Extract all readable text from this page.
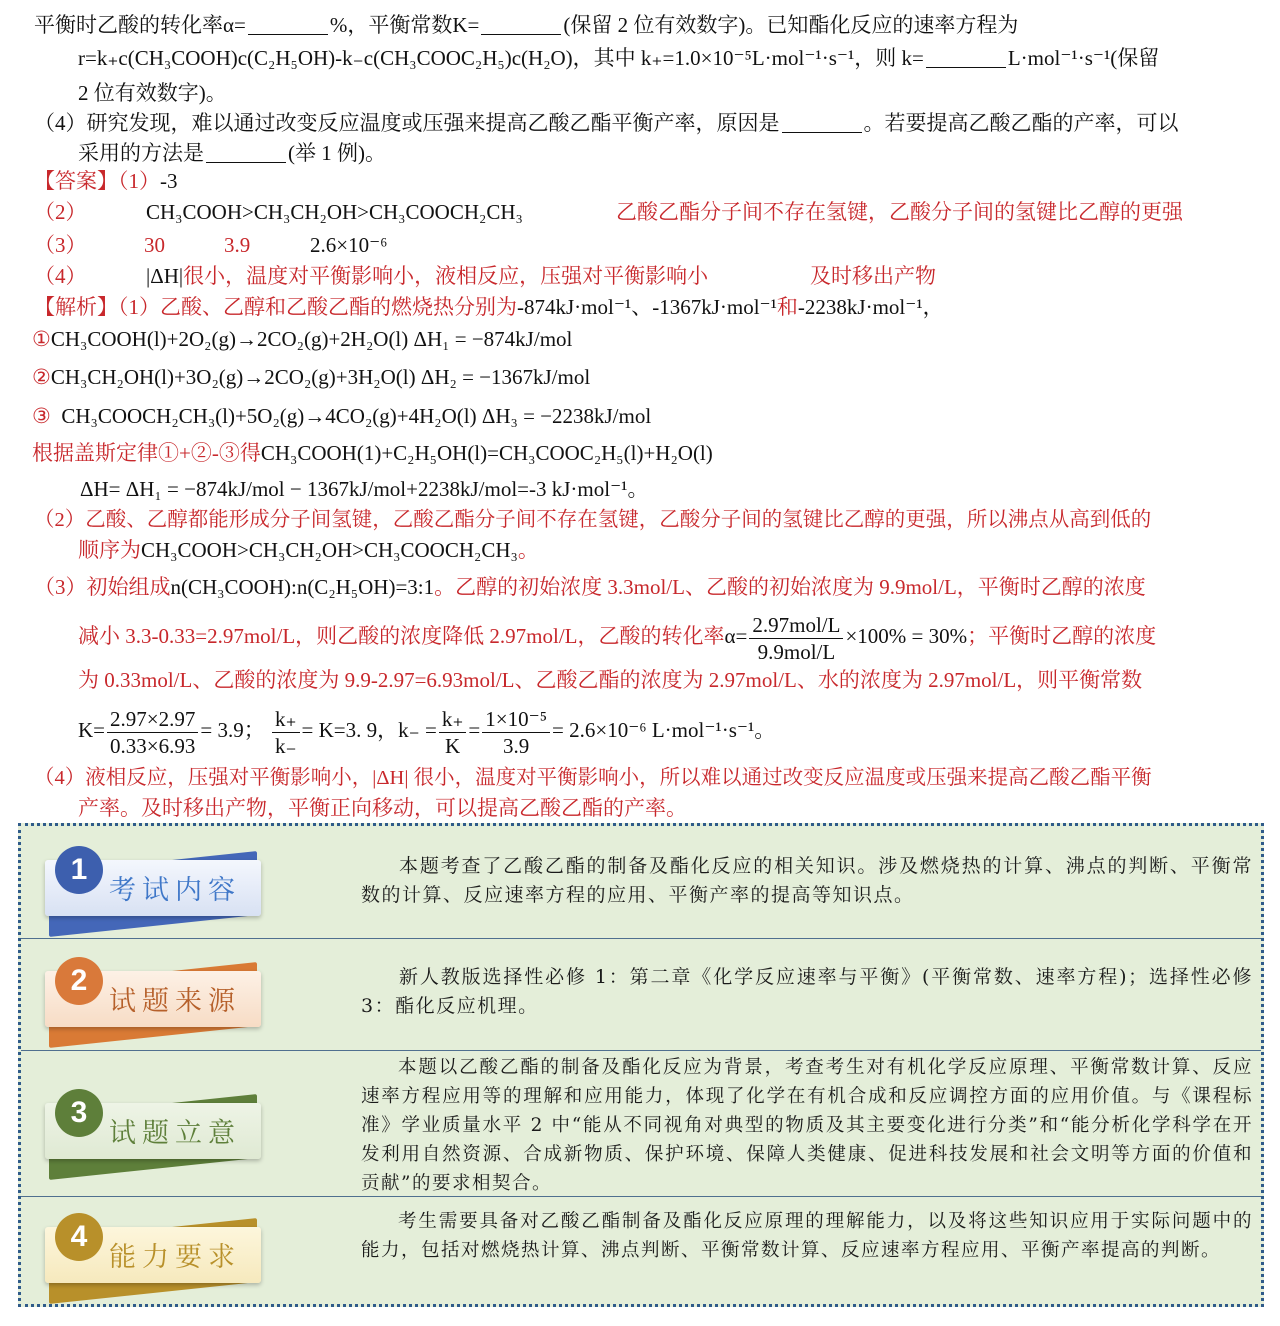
平衡时乙酸的转化率α=	%，平衡常数K=	(保留 2 位有效数字)。已知酯化反应的速率方程为
r=k₊c(CH₃COOH)c(C₂H₅OH)-k₋c(CH₃COOC₂H₅)c(H₂O)，其中 k₊=1.0×10⁻⁵L·mol⁻¹·s⁻¹，则 k=	L·mol⁻¹·s⁻¹(保留
2 位有效数字)。
（4）研究发现，难以通过改变反应温度或压强来提高乙酸乙酯平衡产率，原因是	。若要提高乙酸乙酯的产率，可以
采用的方法是	(举 1 例)。
【答案】（1）-3
（2）	CH₃COOH>CH₃CH₂OH>CH₃COOCH₂CH₃	乙酸乙酯分子间不存在氢键，乙酸分子间的氢键比乙醇的更强
（3）	30	3.9	2.6×10⁻⁶
（4）	|ΔH|很小，温度对平衡影响小，液相反应，压强对平衡影响小	及时移出产物
【解析】（1）乙酸、乙醇和乙酸乙酯的燃烧热分别为-874kJ·mol⁻¹、-1367kJ·mol⁻¹和-2238kJ·mol⁻¹，
①CH₃COOH(l)+2O₂(g)→2CO₂(g)+2H₂O(l) ΔH₁ = −874kJ/mol
②CH₃CH₂OH(l)+3O₂(g)→2CO₂(g)+3H₂O(l) ΔH₂ = −1367kJ/mol
③ CH₃COOCH₂CH₃(l)+5O₂(g)→4CO₂(g)+4H₂O(l) ΔH₃ = −2238kJ/mol
根据盖斯定律①+②-③得CH₃COOH(1)+C₂H₅OH(l)=CH₃COOC₂H₅(l)+H₂O(l)
ΔH= ΔH₁ = −874kJ/mol − 1367kJ/mol+2238kJ/mol=-3 kJ·mol⁻¹。
（2）乙酸、乙醇都能形成分子间氢键，乙酸乙酯分子间不存在氢键，乙酸分子间的氢键比乙醇的更强，所以沸点从高到低的
顺序为CH₃COOH>CH₃CH₂OH>CH₃COOCH₂CH₃。
（3）初始组成n(CH₃COOH):n(C₂H₅OH)=3:1。乙醇的初始浓度 3.3mol/L、乙酸的初始浓度为 9.9mol/L，平衡时乙醇的浓度
减小 3.3-0.33=2.97mol/L，则乙酸的浓度降低 2.97mol/L，乙酸的转化率$\alpha= \frac{\text{2.97mol/L}}{\text{9.9mol/L}} \times 100\% = 30\%$；平衡时乙醇的浓度
为 0.33mol/L、乙酸的浓度为 9.9-2.97=6.93mol/L、乙酸乙酯的浓度为 2.97mol/L、水的浓度为 2.97mol/L，则平衡常数
$K= \frac{2.97\times 2.97}{0.33\times 6.93} = 3.9$； $\frac{k_+}{k_-} = K=3$. 9，$k_- = \frac{k_+}{K} = \frac{\text{1×10⁻⁵}}{3.9} = 2.6\times 10^{-6}$ L·mol⁻¹·s⁻¹。
（4）液相反应，压强对平衡影响小，|ΔH| 很小，温度对平衡影响小，所以难以通过改变反应温度或压强来提高乙酸乙酯平衡
产率。及时移出产物，平衡正向移动，可以提高乙酸乙酯的产率。
1
考试内容
本题考查了乙酸乙酯的制备及酯化反应的相关知识。涉及燃烧热的计算、沸点的判断、平衡常数的计算、反应速率方程的应用、平衡产率的提高等知识点。
2
试题来源
新人教版选择性必修 1：第二章《化学反应速率与平衡》(平衡常数、速率方程)；选择性必修 3：酯化反应机理。
3
试题立意
本题以乙酸乙酯的制备及酯化反应为背景，考查考生对有机化学反应原理、平衡常数计算、反应速率方程应用等的理解和应用能力，体现了化学在有机合成和反应调控方面的应用价值。与《课程标准》学业质量水平 2 中“能从不同视角对典型的物质及其主要变化进行分类”和“能分析化学科学在开发利用自然资源、合成新物质、保护环境、保障人类健康、促进科技发展和社会文明等方面的价值和贡献”的要求相契合。
4
能力要求
考生需要具备对乙酸乙酯制备及酯化反应原理的理解能力，以及将这些知识应用于实际问题中的能力，包括对燃烧热计算、沸点判断、平衡常数计算、反应速率方程应用、平衡产率提高的判断。
